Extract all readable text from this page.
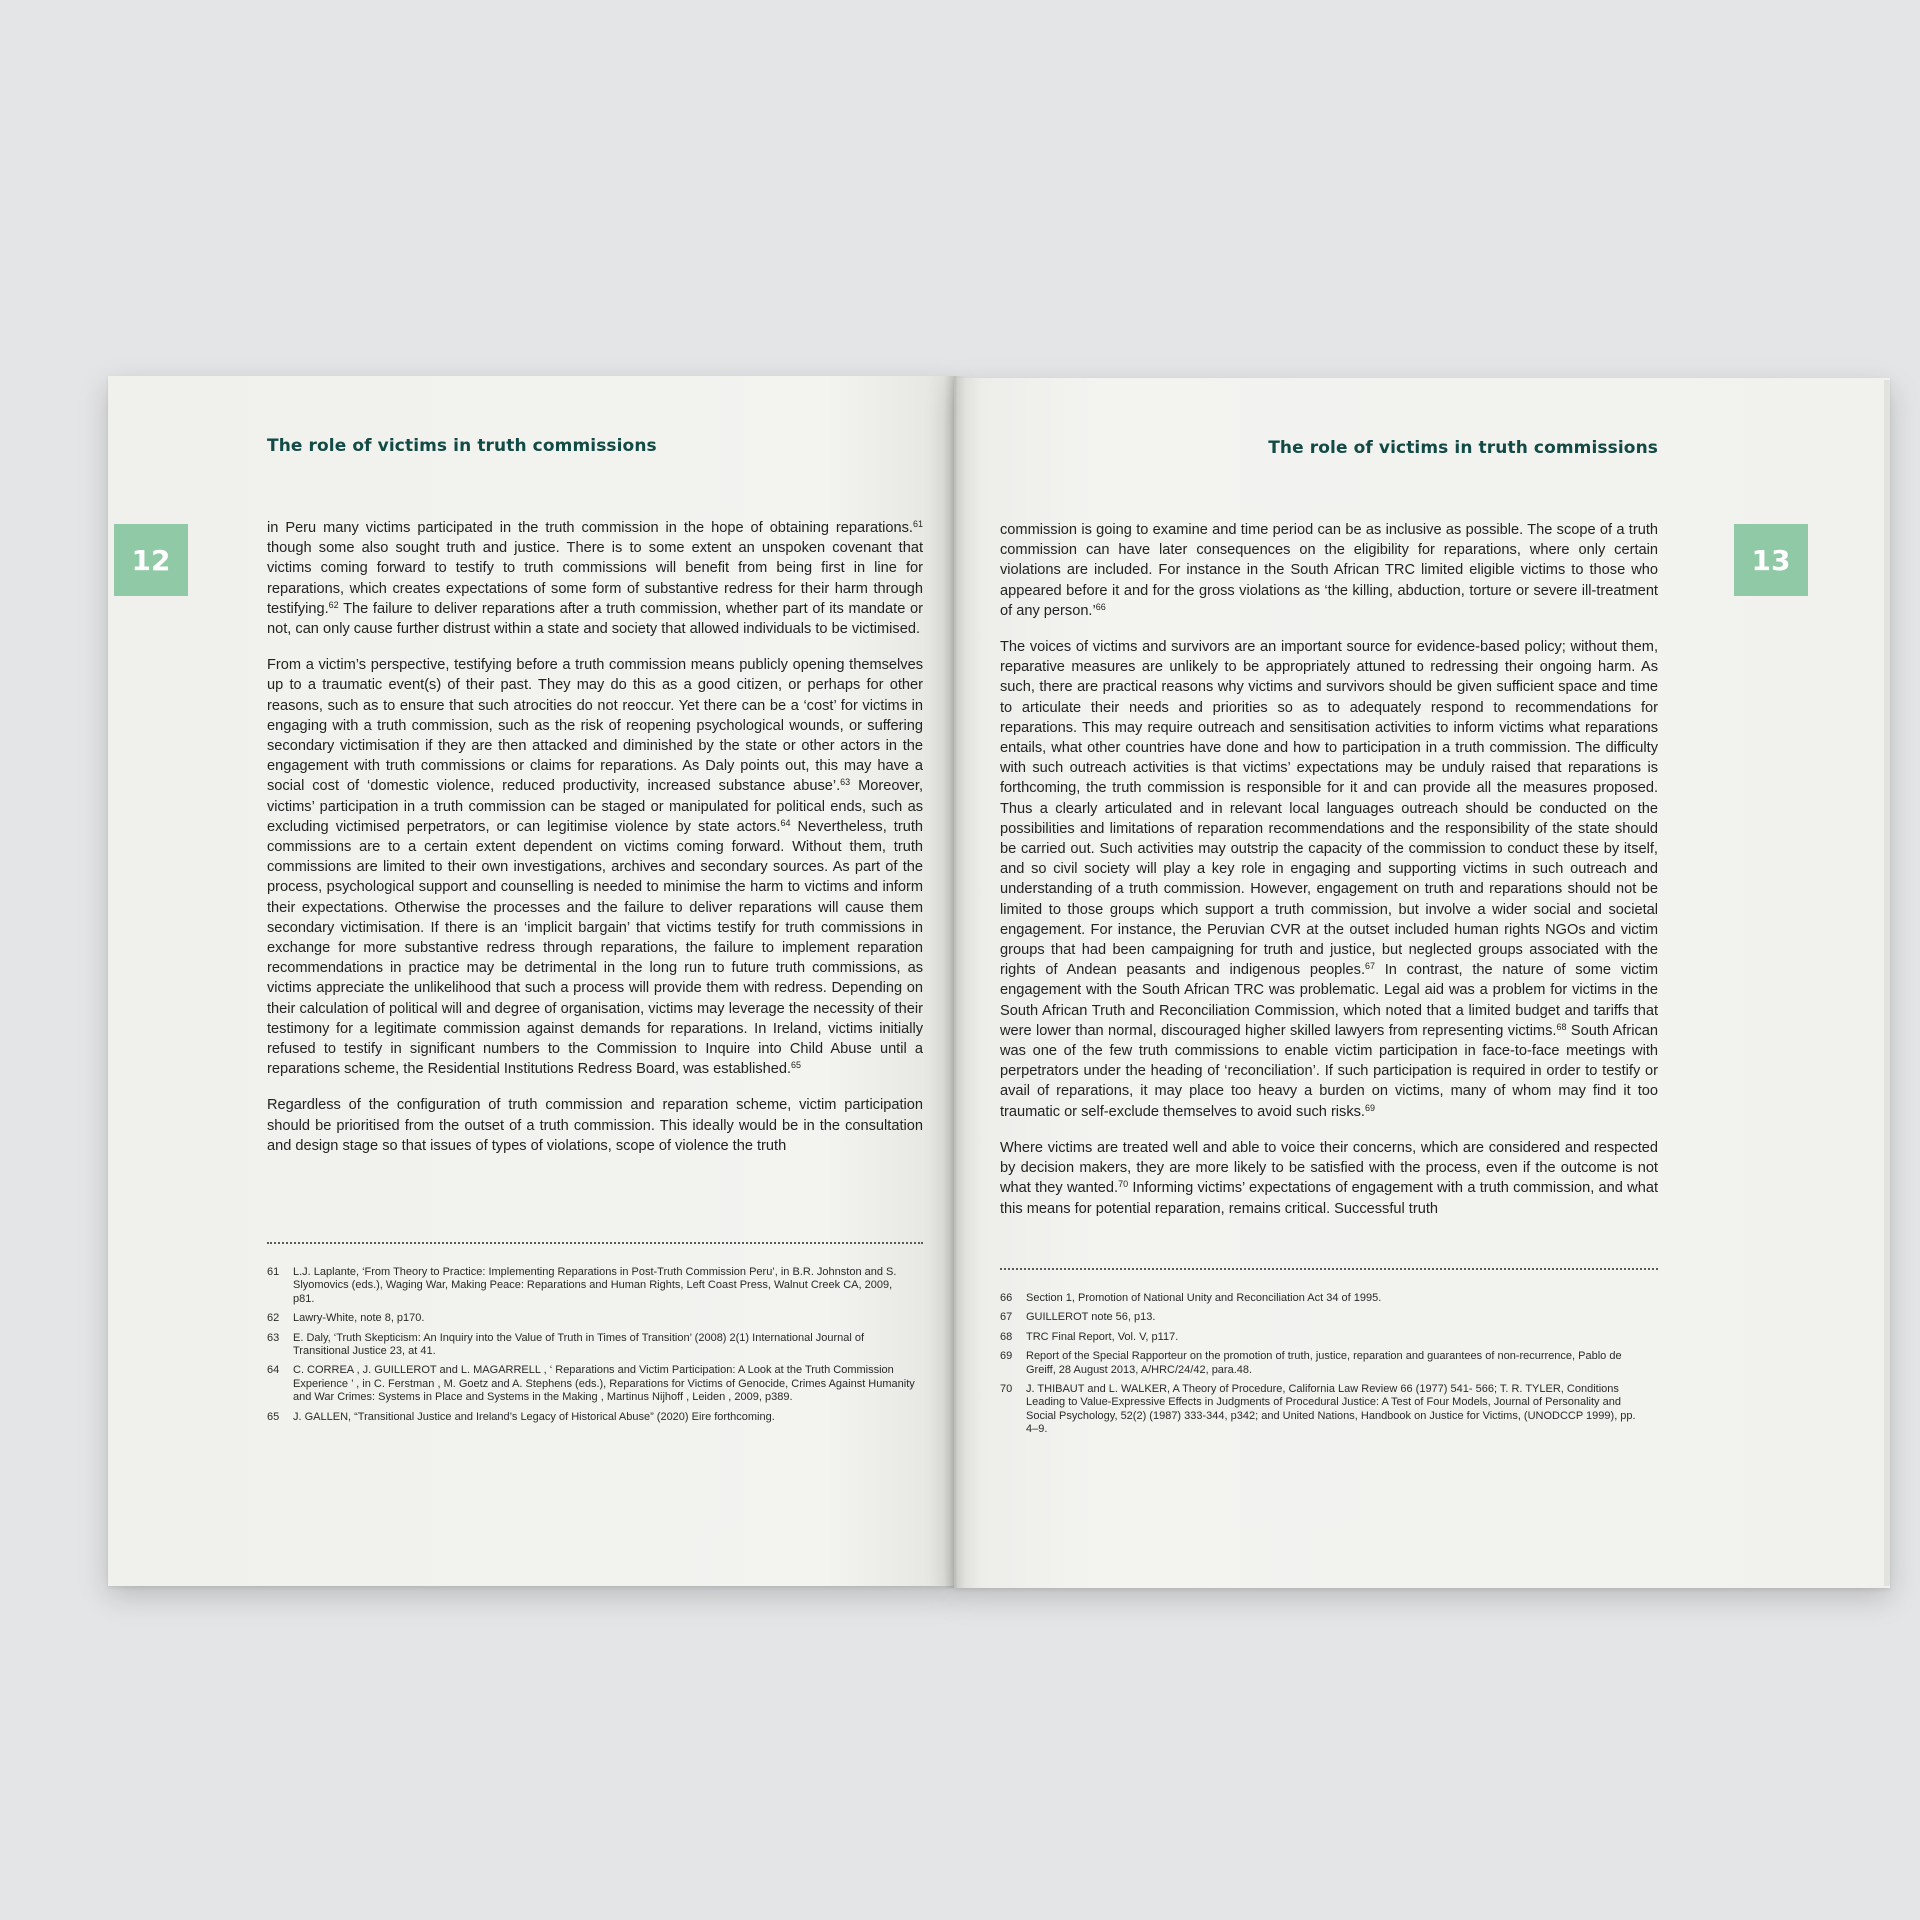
The role of victims in truth commissions
12

in Peru many victims participated in the truth commission in the hope of obtaining reparations.$^{61}$ though some also sought truth and justice. There is to some extent an unspoken covenant that victims coming forward to testify to truth commissions will benefit from being first in line for reparations, which creates expectations of some form of substantive redress for their harm through testifying.$^{62}$ The failure to deliver reparations after a truth commission, whether part of its mandate or not, can only cause further distrust within a state and society that allowed individuals to be victimised.

From a victim’s perspective, testifying before a truth commission means publicly opening themselves up to a traumatic event(s) of their past. They may do this as a good citizen, or perhaps for other reasons, such as to ensure that such atrocities do not reoccur. Yet there can be a ‘cost’ for victims in engaging with a truth commission, such as the risk of reopening psychological wounds, or suffering secondary victimisation if they are then attacked and diminished by the state or other actors in the engagement with truth commissions or claims for reparations. As Daly points out, this may have a social cost of ‘domestic violence, reduced productivity, increased substance abuse’.$^{63}$ Moreover, victims’ participation in a truth commission can be staged or manipulated for political ends, such as excluding victimised perpetrators, or can legitimise violence by state actors.$^{64}$ Nevertheless, truth commissions are to a certain extent dependent on victims coming forward. Without them, truth commissions are limited to their own investigations, archives and secondary sources. As part of the process, psychological support and counselling is needed to minimise the harm to victims and inform their expectations. Otherwise the processes and the failure to deliver reparations will cause them secondary victimisation. If there is an ‘implicit bargain’ that victims testify for truth commissions in exchange for more substantive redress through reparations, the failure to implement reparation recommendations in practice may be detrimental in the long run to future truth commissions, as victims appreciate the unlikelihood that such a process will provide them with redress. Depending on their calculation of political will and degree of organisation, victims may leverage the necessity of their testimony for a legitimate commission against demands for reparations. In Ireland, victims initially refused to testify in significant numbers to the Commission to Inquire into Child Abuse until a reparations scheme, the Residential Institutions Redress Board, was established.$^{65}$

Regardless of the configuration of truth commission and reparation scheme, victim participation should be prioritised from the outset of a truth commission. This ideally would be in the consultation and design stage so that issues of types of violations, scope of violence the truth

61	L.J. Laplante, ‘From Theory to Practice: Implementing Reparations in Post-Truth Commission Peru’, in B.R. Johnston and S. Slyomovics (eds.), Waging War, Making Peace: Reparations and Human Rights, Left Coast Press, Walnut Creek CA, 2009, p81.
62	Lawry-White, note 8, p170.
63	E. Daly, ‘Truth Skepticism: An Inquiry into the Value of Truth in Times of Transition’ (2008) 2(1) International Journal of Transitional Justice 23, at 41.
64	C. CORREA , J. GUILLEROT and L. MAGARRELL , ‘ Reparations and Victim Participation: A Look at the Truth Commission Experience ’ , in C. Ferstman , M. Goetz and A. Stephens (eds.), Reparations for Victims of Genocide, Crimes Against Humanity and War Crimes: Systems in Place and Systems in the Making , Martinus Nijhoff , Leiden , 2009, p389.
65	J. GALLEN, “Transitional Justice and Ireland’s Legacy of Historical Abuse” (2020) Eire forthcoming.
The role of victims in truth commissions
13

commission is going to examine and time period can be as inclusive as possible. The scope of a truth commission can have later consequences on the eligibility for reparations, where only certain violations are included. For instance in the South African TRC limited eligible victims to those who appeared before it and for the gross violations as ‘the killing, abduction, torture or severe ill-treatment of any person.’$^{66}$

The voices of victims and survivors are an important source for evidence-based policy; without them, reparative measures are unlikely to be appropriately attuned to redressing their ongoing harm. As such, there are practical reasons why victims and survivors should be given sufficient space and time to articulate their needs and priorities so as to adequately respond to recommendations for reparations. This may require outreach and sensitisation activities to inform victims what reparations entails, what other countries have done and how to participation in a truth commission. The difficulty with such outreach activities is that victims’ expectations may be unduly raised that reparations is forthcoming, the truth commission is responsible for it and can provide all the measures proposed. Thus a clearly articulated and in relevant local languages outreach should be conducted on the possibilities and limitations of reparation recommendations and the responsibility of the state should be carried out. Such activities may outstrip the capacity of the commission to conduct these by itself, and so civil society will play a key role in engaging and supporting victims in such outreach and understanding of a truth commission. However, engagement on truth and reparations should not be limited to those groups which support a truth commission, but involve a wider social and societal engagement. For instance, the Peruvian CVR at the outset included human rights NGOs and victim groups that had been campaigning for truth and justice, but neglected groups associated with the rights of Andean peasants and indigenous peoples.$^{67}$ In contrast, the nature of some victim engagement with the South African TRC was problematic. Legal aid was a problem for victims in the South African Truth and Reconciliation Commission, which noted that a limited budget and tariffs that were lower than normal, discouraged higher skilled lawyers from representing victims.$^{68}$ South African was one of the few truth commissions to enable victim participation in face-to-face meetings with perpetrators under the heading of ‘reconciliation’. If such participation is required in order to testify or avail of reparations, it may place too heavy a burden on victims, many of whom may find it too traumatic or self-exclude themselves to avoid such risks.$^{69}$

Where victims are treated well and able to voice their concerns, which are considered and respected by decision makers, they are more likely to be satisfied with the process, even if the outcome is not what they wanted.$^{70}$ Informing victims’ expectations of engagement with a truth commission, and what this means for potential reparation, remains critical. Successful truth

66	Section 1, Promotion of National Unity and Reconciliation Act 34 of 1995.
67	GUILLEROT note 56, p13.
68	TRC Final Report, Vol. V, p117.
69	Report of the Special Rapporteur on the promotion of truth, justice, reparation and guarantees of non-recurrence, Pablo de Greiff, 28 August 2013, A/HRC/24/42, para.48.
70	J. THIBAUT and L. WALKER, A Theory of Procedure, California Law Review 66 (1977) 541- 566; T. R. TYLER, Conditions Leading to Value-Expressive Effects in Judgments of Procedural Justice: A Test of Four Models, Journal of Personality and Social Psychology, 52(2) (1987) 333-344, p342; and United Nations, Handbook on Justice for Victims, (UNODCCP 1999), pp. 4–9.
